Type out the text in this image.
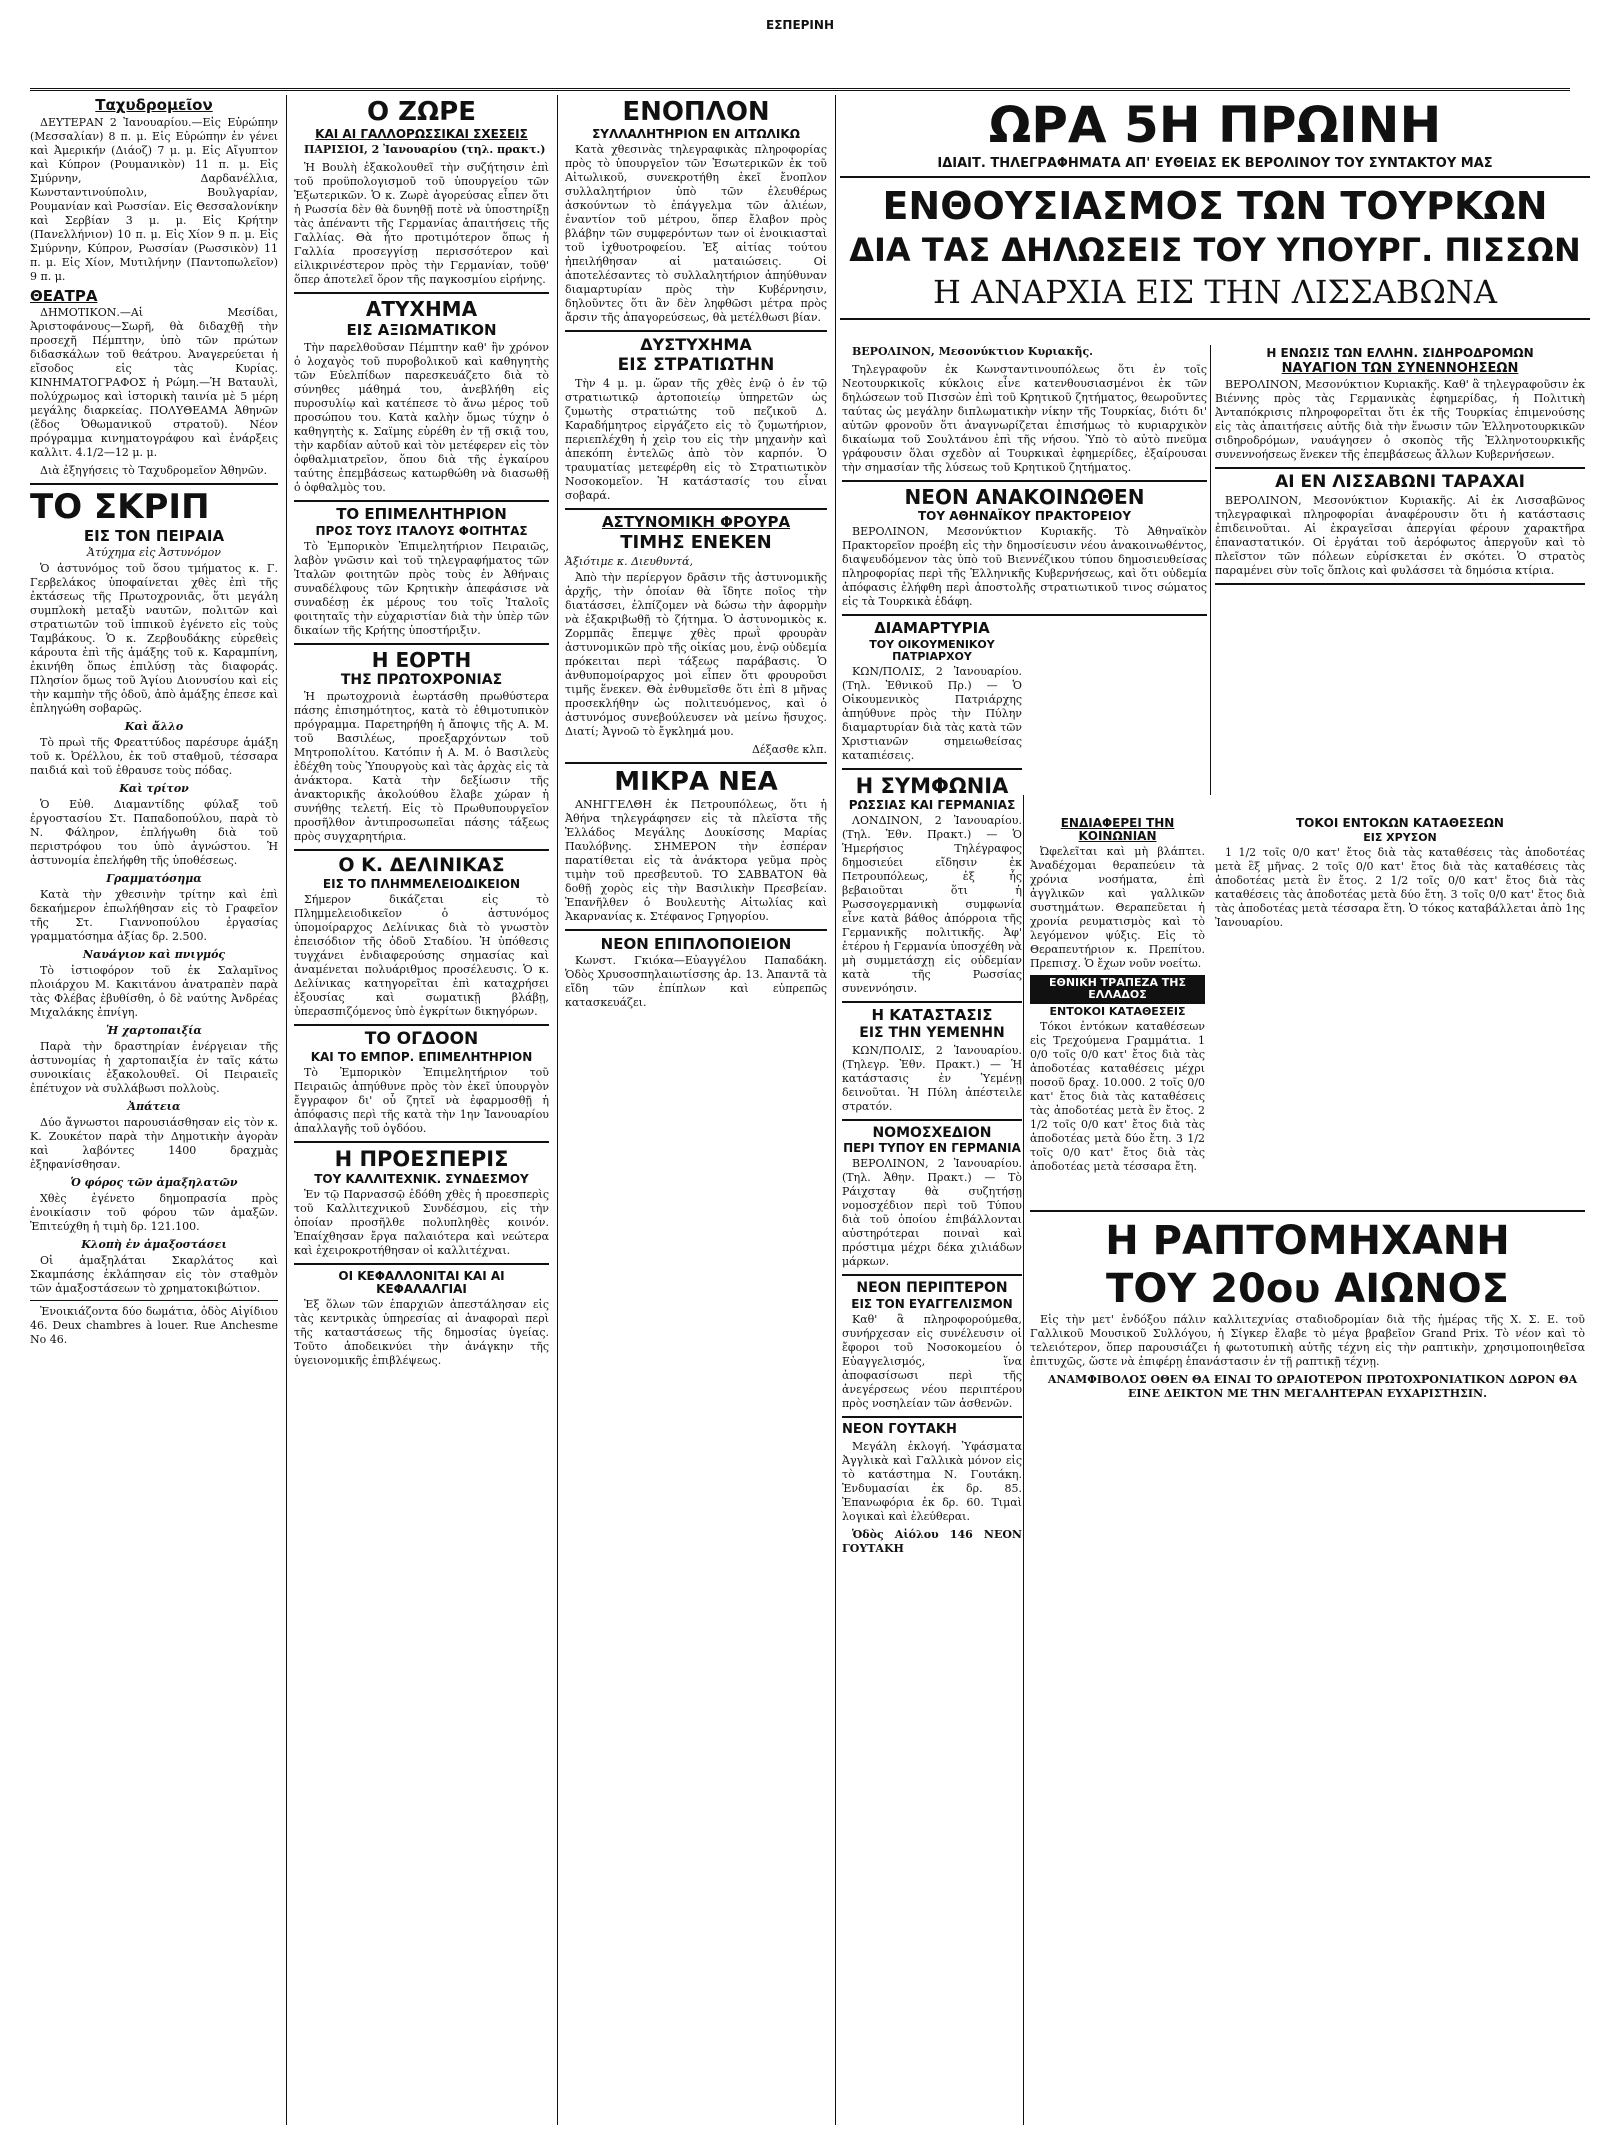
ΕΣΠΕΡΙΝΗ
Ταχυδρομεῖον

ΔΕΥΤΕΡΑΝ 2 Ἰανουαρίου.—Εἰς Εὐρώπην (Μεσσαλίαν) 8 π. μ. Εἰς Εὐρώπην ἐν γένει καὶ Ἀμερικήν (Διάοζ) 7 μ. μ. Εἰς Αἴγυπτον καὶ Κύπρον (Ρουμανικὸν) 11 π. μ. Εἰς Σμύρνην, Δαρδανέλλια, Κωνσταντινούπολιν, Βουλγαρίαν, Ρουμανίαν καὶ Ρωσσίαν. Εἰς Θεσσαλονίκην καὶ Σερβίαν 3 μ. μ. Εἰς Κρήτην (Πανελλήνιον) 10 π. μ. Εἰς Χίον 9 π. μ. Εἰς Σμύρνην, Κύπρον, Ρωσσίαν (Ρωσσικὸν) 11 π. μ. Εἰς Χίον, Μυτιλήνην (Παντοπωλεῖον) 9 π. μ.

ΘΕΑΤΡΑ

ΔΗΜΟΤΙΚΟΝ.—Αἱ Μεσίδαι, Ἀριστοφάνους—Σωρῆ, θὰ διδαχθῇ τὴν προσεχῆ Πέμπτην, ὑπὸ τῶν πρώτων διδασκάλων τοῦ θεάτρου. Ἀναγερεύεται ἡ εἴσοδος εἰς τὰς Κυρίας. ΚΙΝΗΜΑΤΟΓΡΑΦΟΣ ἡ Ρώμη.—Ἡ Βαταυλὶ, πολύχρωμος καὶ ἱστορικὴ ταινία μὲ 5 μέρη μεγάλης διαρκείας. ΠΟΛΥΘΕΑΜΑ Ἀθηνῶν (ἔδος Ὀθωμανικοῦ στρατοῦ). Νέον πρόγραμμα κινηματογράφου καὶ ἐνάρξεις καλλιτ. 4.1/2—12 μ. μ.

Διὰ ἐξηγήσεις τὸ Ταχυδρομεῖον Ἀθηνῶν.

ΤΟ ΣΚΡΙΠ
ΕΙΣ ΤΟΝ ΠΕΙΡΑΙΑ
Ἀτύχημα εἰς Ἀστυνόμον

Ὁ ἀστυνόμος τοῦ ὅσου τμήματος κ. Γ. Γερβελάκος ὑποφαίνεται χθὲς ἐπὶ τῆς ἐκτάσεως τῆς Πρωτοχρονιᾶς, ὅτι μεγάλη συμπλοκὴ μεταξὺ ναυτῶν, πολιτῶν καὶ στρατιωτῶν τοῦ ἱππικοῦ ἐγένετο εἰς τοὺς Ταμβάκους. Ὁ κ. Ζερβουδάκης εὑρεθεὶς κάρουτα ἐπὶ τῆς ἀμάξης τοῦ κ. Καραμπίνη, ἐκινήθη ὅπως ἐπιλύσῃ τὰς διαφοράς. Πλησίον ὅμως τοῦ Ἁγίου Διονυσίου καὶ εἰς τὴν καμπὴν τῆς ὁδοῦ, ἀπὸ ἀμάξης ἐπεσε καὶ ἐπληγώθη σοβαρῶς.

Καὶ ἄλλο

Τὸ πρωὶ τῆς Φρεαττύδος παρέσυρε ἁμάξη τοῦ κ. Ὀρέλλου, ἐκ τοῦ σταθμοῦ, τέσσαρα παιδιά καὶ τοῦ ἐθραυσε τοὺς πόδας.

Καὶ τρίτον

Ὁ Εὐθ. Διαμαντίδης φύλαξ τοῦ ἐργοστασίου Στ. Παπαδοπούλου, παρὰ τὸ Ν. Φάληρον, ἐπλήγωθη διὰ τοῦ περιστρόφου του ὑπὸ ἀγνώστου. Ἡ ἀστυνομία ἐπελήφθη τῆς ὑποθέσεως.

Γραμματόσημα

Κατὰ τὴν χθεσινὴν τρίτην καὶ ἐπὶ δεκαήμερον ἐπωλήθησαν εἰς τὸ Γραφεῖον τῆς Στ. Γιαννοπούλου ἐργασίας γραμματόσημα ἀξίας δρ. 2.500.

Ναυάγιον καὶ πνιγμός

Τὸ ἱστιοφόρον τοῦ ἐκ Σαλαμῖνος πλοιάρχου Μ. Κακιτάνου ἀνατραπὲν παρὰ τὰς Φλέβας ἐβυθίσθη, ὁ δὲ ναύτης Ἀνδρέας Μιχαλάκης ἐπνίγη.

Ἡ χαρτοπαιξία

Παρὰ τὴν δραστηρίαν ἐνέργειαν τῆς ἀστυνομίας ἡ χαρτοπαιξία ἐν ταῖς κάτω συνοικίαις ἐξακολουθεῖ. Οἱ Πειραιεῖς ἐπέτυχον νὰ συλλάβωσι πολλοὺς.

Ἀπάτεια

Δύο ἄγνωστοι παρουσιάσθησαν εἰς τὸν κ. Κ. Ζουκέτον παρὰ τὴν Δημοτικὴν ἀγορὰν καὶ λαβόντες 1400 δραχμὰς ἐξηφανίσθησαν.

Ὁ φόρος τῶν ἀμαξηλατῶν

Χθὲς ἐγένετο δημοπρασία πρὸς ἐνοικίασιν τοῦ φόρου τῶν ἀμαξῶν. Ἐπιτεύχθη ἡ τιμὴ δρ. 121.100.

Κλοπὴ ἐν ἀμαξοστάσει

Οἱ ἀμαξηλάται Σκαρλάτος καὶ Σκαμπάσης ἐκλάπησαν εἰς τὸν σταθμὸν τῶν ἀμαξοστάσεων τὸ χρηματοκιβώτιον.

Ἐνοικιάζοντα δύο δωμάτια, ὁδὸς Αἰγίδιου 46. Deux chambres à louer. Rue Anchesme No 46.

Ο ΖΩΡΕ
ΚΑΙ ΑΙ ΓΑΛΛΟΡΩΣΣΙΚΑΙ ΣΧΕΣΕΙΣ

ΠΑΡΙΣΙΟΙ, 2 Ἰανουαρίου (τηλ. πρακτ.)

Ἡ Βουλὴ ἐξακολουθεῖ τὴν συζήτησιν ἐπὶ τοῦ προϋπολογισμοῦ τοῦ ὑπουργείου τῶν Ἐξωτερικῶν. Ὁ κ. Ζωρὲ ἀγορεύσας εἶπεν ὅτι ἡ Ρωσσία δὲν θὰ δυνηθῇ ποτὲ νὰ ὑποστηρίξῃ τὰς ἀπέναντι τῆς Γερμανίας ἀπαιτήσεις τῆς Γαλλίας. Θὰ ἦτο προτιμότερον ὅπως ἡ Γαλλία προσεγγίσῃ περισσότερον καὶ εἰλικρινέστερον πρὸς τὴν Γερμανίαν, τοῦθ' ὅπερ ἀποτελεῖ ὅρον τῆς παγκοσμίου εἰρήνης.

ΑΤΥΧΗΜΑ
ΕΙΣ ΑΞΙΩΜΑΤΙΚΟΝ

Τὴν παρελθοῦσαν Πέμπτην καθ' ἣν χρόνον ὁ λοχαγὸς τοῦ πυροβολικοῦ καὶ καθηγητὴς τῶν Εὐελπίδων παρεσκευάζετο διὰ τὸ σύνηθες μάθημά του, ἀνεβλήθη εἰς πυροσυλίῳ καὶ κατέπεσε τὸ ἄνω μέρος τοῦ προσώπου του. Κατὰ καλὴν ὅμως τύχην ὁ καθηγητὴς κ. Σαϊμης εὑρέθη ἐν τῇ σκιᾷ του, τὴν καρδίαν αὐτοῦ καὶ τὸν μετέφερεν εἰς τὸν ὀφθαλμιατρεῖον, ὅπου διὰ τῆς ἐγκαίρου ταύτης ἐπεμβάσεως κατωρθώθη νὰ διασωθῇ ὁ ὀφθαλμὸς του.

ΤΟ ΕΠΙΜΕΛΗΤΗΡΙΟΝ
ΠΡΟΣ ΤΟΥΣ ΙΤΑΛΟΥΣ ΦΟΙΤΗΤΑΣ

Τὸ Ἐμπορικὸν Ἐπιμελητήριον Πειραιῶς, λαβὸν γνῶσιν καὶ τοῦ τηλεγραφήματος τῶν Ἰταλῶν φοιτητῶν πρὸς τοὺς ἐν Ἀθήναις συναδέλφους τῶν Κρητικὴν ἀπεφάσισε νὰ συναδέσῃ ἐκ μέρους του τοῖς Ἰταλοῖς φοιτηταῖς τὴν εὐχαριστίαν διὰ τὴν ὑπὲρ τῶν δικαίων τῆς Κρήτης ὑποστήριξιν.

Η ΕΟΡΤΗ
ΤΗΣ ΠΡΩΤΟΧΡΟΝΙΑΣ

Ἡ πρωτοχρονιὰ ἑωρτάσθη πρωθύστερα πάσης ἐπισημότητος, κατὰ τὸ ἐθιμοτυπικὸν πρόγραμμα. Παρετηρήθη ἡ ἄποψις τῆς Α. Μ. τοῦ Βασιλέως, προεξαρχόντων τοῦ Μητροπολίτου. Κατόπιν ἡ Α. Μ. ὁ Βασιλεὺς ἐδέχθη τοὺς Ὑπουργοὺς καὶ τὰς ἀρχὰς εἰς τὰ ἀνάκτορα. Κατὰ τὴν δεξίωσιν τῆς ἀνακτορικῆς ἀκολούθου ἔλαβε χώραν ἡ συνήθης τελετή. Εἰς τὸ Πρωθυπουργεῖον προσῆλθον ἀντιπροσωπεῖαι πάσης τάξεως πρὸς συγχαρητήρια.

Ο Κ. ΔΕΛΙΝΙΚΑΣ
ΕΙΣ ΤΟ ΠΛΗΜΜΕΛΕΙΟΔΙΚΕΙΟΝ

Σήμερον δικάζεται εἰς τὸ Πλημμελειοδικεῖον ὁ ἀστυνόμος ὑπομοίραρχος Δελίνικας διὰ τὸ γνωστὸν ἐπεισόδιον τῆς ὁδοῦ Σταδίου. Ἡ ὑπόθεσις τυγχάνει ἐνδιαφερούσης σημασίας καὶ ἀναμένεται πολυάριθμος προσέλευσις. Ὁ κ. Δελίνικας κατηγορεῖται ἐπὶ καταχρήσει ἐξουσίας καὶ σωματικῇ βλάβῃ, ὑπερασπιζόμενος ὑπὸ ἐγκρίτων δικηγόρων.

ΤΟ ΟΓΔΟΟΝ
ΚΑΙ ΤΟ ΕΜΠΟΡ. ΕΠΙΜΕΛΗΤΗΡΙΟΝ

Τὸ Ἐμπορικὸν Ἐπιμελητήριον τοῦ Πειραιῶς ἀπηύθυνε πρὸς τὸν ἐκεῖ ὑπουργὸν ἔγγραφον δι' οὗ ζητεῖ νὰ ἐφαρμοσθῇ ἡ ἀπόφασις περὶ τῆς κατὰ τὴν 1ην Ἰανουαρίου ἀπαλλαγῆς τοῦ ὀγδόου.

Η ΠΡΟΕΣΠΕΡΙΣ
ΤΟΥ ΚΑΛΛΙΤΕΧΝΙΚ. ΣΥΝΔΕΣΜΟΥ

Ἐν τῷ Παρνασσῷ ἐδόθη χθὲς ἡ προεσπερὶς τοῦ Καλλιτεχνικοῦ Συνδέσμου, εἰς τὴν ὁποίαν προσῆλθε πολυπληθὲς κοινόν. Ἐπαίχθησαν ἔργα παλαιότερα καὶ νεώτερα καὶ ἐχειροκροτήθησαν οἱ καλλιτέχναι.

ΟΙ ΚΕΦΑΛΛΟΝΙΤΑΙ ΚΑΙ ΑΙ ΚΕΦΑΛΑΛΓΙΑΙ

Ἐξ ὅλων τῶν ἐπαρχιῶν ἀπεστάλησαν εἰς τὰς κεντρικὰς ὑπηρεσίας αἱ ἀναφοραὶ περὶ τῆς καταστάσεως τῆς δημοσίας ὑγείας. Τοῦτο ἀποδεικνύει τὴν ἀνάγκην τῆς ὑγειονομικῆς ἐπιβλέψεως.

ΕΝΟΠΛΟΝ
ΣΥΛΛΑΛΗΤΗΡΙΟΝ ΕΝ ΑΙΤΩΛΙΚΩ

Κατὰ χθεσινὰς τηλεγραφικὰς πληροφορίας πρὸς τὸ ὑπουργεῖον τῶν Ἐσωτερικῶν ἐκ τοῦ Αἰτωλικοῦ, συνεκροτήθη ἐκεῖ ἔνοπλον συλλαλητήριον ὑπὸ τῶν ἐλευθέρως ἀσκούντων τὸ ἐπάγγελμα τῶν ἁλιέων, ἐναντίον τοῦ μέτρου, ὅπερ ἔλαβον πρὸς βλάβην τῶν συμφερόντων των οἱ ἐνοικιασταὶ τοῦ ἰχθυοτροφείου. Ἐξ αἰτίας τούτου ἠπειλήθησαν αἱ ματαιώσεις. Οἱ ἀποτελέσαντες τὸ συλλαλητήριον ἀπηύθυναν διαμαρτυρίαν πρὸς τὴν Κυβέρνησιν, δηλοῦντες ὅτι ἂν δὲν ληφθῶσι μέτρα πρὸς ἄρσιν τῆς ἀπαγορεύσεως, θὰ μετέλθωσι βίαν.

ΔΥΣΤΥΧΗΜΑ
ΕΙΣ ΣΤΡΑΤΙΩΤΗΝ

Τὴν 4 μ. μ. ὥραν τῆς χθὲς ἐνῷ ὁ ἐν τῷ στρατιωτικῷ ἀρτοποιείῳ ὑπηρετῶν ὡς ζυμωτὴς στρατιώτης τοῦ πεζικοῦ Δ. Καραδήμητρος εἰργάζετο εἰς τὸ ζυμωτήριον, περιεπλέχθη ἡ χεὶρ του εἰς τὴν μηχανὴν καὶ ἀπεκόπη ἐντελῶς ἀπὸ τὸν καρπόν. Ὁ τραυματίας μετεφέρθη εἰς τὸ Στρατιωτικὸν Νοσοκομεῖον. Ἡ κατάστασίς του εἶναι σοβαρά.

ΑΣΤΥΝΟΜΙΚΗ ΦΡΟΥΡΑ
ΤΙΜΗΣ ΕΝΕΚΕΝ
Ἀξιότιμε κ. Διευθυντά,

Ἀπὸ τὴν περίεργον δρᾶσιν τῆς ἀστυνομικῆς ἀρχῆς, τὴν ὁποίαν θὰ ἴδητε ποῖος τὴν διατάσσει, ἐλπίζομεν νὰ δώσω τὴν ἀφορμὴν νὰ ἐξακριβωθῇ τὸ ζήτημα. Ὁ ἀστυνομικὸς κ. Ζορμπᾶς ἔπεμψε χθὲς πρωῒ φρουρὰν ἀστυνομικῶν πρὸ τῆς οἰκίας μου, ἐνῷ οὐδεμία πρόκειται περὶ τάξεως παράβασις. Ὁ ἀνθυπομοίραρχος μοὶ εἶπεν ὅτι φρουροῦσι τιμῆς ἕνεκεν. Θὰ ἐνθυμεῖσθε ὅτι ἐπὶ 8 μῆνας προσεκλήθην ὡς πολιτευόμενος, καὶ ὁ ἀστυνόμος συνεβούλευσεν νὰ μείνω ἥσυχος. Διατί; Ἀγνοῶ τὸ ἔγκλημά μου.

Δέξασθε κλπ.

ΜΙΚΡΑ ΝΕΑ

ΑΝΗΓΓΕΛΘΗ ἐκ Πετρουπόλεως, ὅτι ἡ Ἀθήνα τηλεγράφησεν εἰς τὰ πλεῖστα τῆς Ἑλλάδος Μεγάλης Δουκίσσης Μαρίας Παυλόβνης. ΣΗΜΕΡΟΝ τὴν ἐσπέραν παρατίθεται εἰς τὰ ἀνάκτορα γεῦμα πρὸς τιμὴν τοῦ πρεσβευτοῦ. ΤΟ ΣΑΒΒΑΤΟΝ θὰ δοθῇ χορὸς εἰς τὴν Βασιλικὴν Πρεσβείαν. Ἐπανῆλθεν ὁ Βουλευτὴς Αἰτωλίας καὶ Ἀκαρνανίας κ. Στέφανος Γρηγορίου.

ΝΕΟΝ ΕΠΙΠΛΟΠΟΙΕΙΟΝ

Κωνστ. Γκιόκα—Εὐαγγέλου Παπαδάκη. Ὁδὸς Χρυσοσπηλαιωτίσσης ἀρ. 13. Ἀπαντᾶ τὰ εἴδη τῶν ἐπίπλων καὶ εὐπρεπῶς κατασκευάζει.

ΩΡΑ 5Η ΠΡΩΙΝΗ
ΙΔΙΑΙΤ. ΤΗΛΕΓΡΑΦΗΜΑΤΑ ΑΠ' ΕΥΘΕΙΑΣ ΕΚ ΒΕΡΟΛΙΝΟΥ ΤΟΥ ΣΥΝΤΑΚΤΟΥ ΜΑΣ
ΕΝΘΟΥΣΙΑΣΜΟΣ ΤΩΝ ΤΟΥΡΚΩΝ
ΔΙΑ ΤΑΣ ΔΗΛΩΣΕΙΣ ΤΟΥ ΥΠΟΥΡΓ. ΠΙΣΣΩΝ
Η ΑΝΑΡΧΙΑ ΕΙΣ ΤΗΝ ΛΙΣΣΑΒΩΝΑ

ΒΕΡΟΛΙΝΟΝ, Μεσονύκτιον Κυριακῆς.

Τηλεγραφοῦν ἐκ Κωνσταντινουπόλεως ὅτι ἐν τοῖς Νεοτουρκικοῖς κύκλοις εἶνε κατενθουσιασμένοι ἐκ τῶν δηλώσεων τοῦ Πισσὼν ἐπὶ τοῦ Κρητικοῦ ζητήματος, θεωροῦντες ταύτας ὡς μεγάλην διπλωματικὴν νίκην τῆς Τουρκίας, διότι δι' αὐτῶν φρονοῦν ὅτι ἀναγνωρίζεται ἐπισήμως τὸ κυριαρχικὸν δικαίωμα τοῦ Σουλτάνου ἐπὶ τῆς νήσου. Ὑπὸ τὸ αὐτὸ πνεῦμα γράφουσιν ὅλαι σχεδὸν αἱ Τουρκικαὶ ἐφημερίδες, ἐξαίρουσαι τὴν σημασίαν τῆς λύσεως τοῦ Κρητικοῦ ζητήματος.

ΝΕΟΝ ΑΝΑΚΟΙΝΩΘΕΝ
ΤΟΥ ΑΘΗΝΑΪΚΟΥ ΠΡΑΚΤΟΡΕΙΟΥ

ΒΕΡΟΛΙΝΟΝ, Μεσονύκτιον Κυριακῆς. Τὸ Ἀθηναϊκὸν Πρακτορεῖον προέβη εἰς τὴν δημοσίευσιν νέου ἀνακοινωθέντος, διαψευδόμενον τὰς ὑπὸ τοῦ Βιεννέζικου τύπου δημοσιευθείσας πληροφορίας περὶ τῆς Ἑλληνικῆς Κυβερνήσεως, καὶ ὅτι οὐδεμία ἀπόφασις ἐλήφθη περὶ ἀποστολῆς στρατιωτικοῦ τινος σώματος εἰς τὰ Τουρκικὰ ἐδάφη.

ΔΙΑΜΑΡΤΥΡΙΑ
ΤΟΥ ΟΙΚΟΥΜΕΝΙΚΟΥ ΠΑΤΡΙΑΡΧΟΥ

ΚΩΝ/ΠΟΛΙΣ, 2 Ἰανουαρίου. (Τηλ. Ἐθνικοῦ Πρ.) — Ὁ Οἰκουμενικὸς Πατριάρχης ἀπηύθυνε πρὸς τὴν Πύλην διαμαρτυρίαν διὰ τὰς κατὰ τῶν Χριστιανῶν σημειωθείσας καταπιέσεις.

Η ΣΥΜΦΩΝΙΑ
ΡΩΣΣΙΑΣ ΚΑΙ ΓΕΡΜΑΝΙΑΣ

ΛΟΝΔΙΝΟΝ, 2 Ἰανουαρίου. (Τηλ. Ἐθν. Πρακτ.) — Ὁ Ἡμερήσιος Τηλέγραφος δημοσιεύει εἴδησιν ἐκ Πετρουπόλεως, ἐξ ἧς βεβαιοῦται ὅτι ἡ Ρωσσογερμανικὴ συμφωνία εἶνε κατὰ βάθος ἀπόρροια τῆς Γερμανικῆς πολιτικῆς. Ἀφ' ἑτέρου ἡ Γερμανία ὑποσχέθη νὰ μὴ συμμετάσχῃ εἰς οὐδεμίαν κατὰ τῆς Ρωσσίας συνεννόησιν.

Η ΚΑΤΑΣΤΑΣΙΣ
ΕΙΣ ΤΗΝ ΥΕΜΕΝΗΝ

ΚΩΝ/ΠΟΛΙΣ, 2 Ἰανουαρίου. (Τηλεγρ. Ἐθν. Πρακτ.) — Ἡ κατάστασις ἐν Ὑεμένῃ δεινοῦται. Ἡ Πύλη ἀπέστειλε στρατόν.

ΝΟΜΟΣΧΕΔΙΟΝ
ΠΕΡΙ ΤΥΠΟΥ ΕΝ ΓΕΡΜΑΝΙΑ

ΒΕΡΟΛΙΝΟΝ, 2 Ἰανουαρίου. (Τηλ. Ἀθην. Πρακτ.) — Τὸ Ράιχσταγ θὰ συζητήσῃ νομοσχέδιον περὶ τοῦ Τύπου διὰ τοῦ ὁποίου ἐπιβάλλονται αὐστηρότεραι ποιναὶ καὶ πρόστιμα μέχρι δέκα χιλιάδων μάρκων.

ΝΕΟΝ ΠΕΡΙΠΤΕΡΟΝ
ΕΙΣ ΤΟΝ ΕΥΑΓΓΕΛΙΣΜΟΝ

Καθ' ἃ πληροφορούμεθα, συνήρχεσαν εἰς συνέλευσιν οἱ ἔφοροι τοῦ Νοσοκομείου ὁ Εὐαγγελισμός, ἵνα ἀποφασίσωσι περὶ τῆς ἀνεγέρσεως νέου περιπτέρου πρὸς νοσηλείαν τῶν ἀσθενῶν.

ΝΕΟΝ ΓΟΥΤΑΚΗ

Μεγάλη ἐκλογή. Ὑφάσματα Ἀγγλικὰ καὶ Γαλλικὰ μόνον εἰς τὸ κατάστημα Ν. Γουτάκη. Ἐνδυμασίαι ἐκ δρ. 85. Ἐπανωφόρια ἐκ δρ. 60. Τιμαὶ λογικαὶ καὶ ἐλεύθεραι.

Ὁδὸς Αἰόλου 146 ΝΕΟΝ ΓΟΥΤΑΚΗ

Η ΕΝΩΣΙΣ ΤΩΝ ΕΛΛΗΝ. ΣΙΔΗΡΟΔΡΟΜΩΝ
ΝΑΥΑΓΙΟΝ ΤΩΝ ΣΥΝΕΝΝΟΗΣΕΩΝ

ΒΕΡΟΛΙΝΟΝ, Μεσονύκτιον Κυριακῆς. Καθ' ἃ τηλεγραφοῦσιν ἐκ Βιέννης πρὸς τὰς Γερμανικὰς ἐφημερίδας, ἡ Πολιτικὴ Ἀνταπόκρισις πληροφορεῖται ὅτι ἐκ τῆς Τουρκίας ἐπιμενούσης εἰς τὰς ἀπαιτήσεις αὐτῆς διὰ τὴν ἕνωσιν τῶν Ἑλληνοτουρκικῶν σιδηροδρόμων, ναυάγησεν ὁ σκοπὸς τῆς Ἑλληνοτουρκικῆς συνεννοήσεως ἕνεκεν τῆς ἐπεμβάσεως ἄλλων Κυβερνήσεων.

ΑΙ ΕΝ ΛΙΣΣΑΒΩΝΙ ΤΑΡΑΧΑΙ

ΒΕΡΟΛΙΝΟΝ, Μεσονύκτιον Κυριακῆς. Αἱ ἐκ Λισσαβῶνος τηλεγραφικαὶ πληροφορίαι ἀναφέρουσιν ὅτι ἡ κατάστασις ἐπιδεινοῦται. Αἱ ἐκραγεῖσαι ἀπεργίαι φέρουν χαρακτῆρα ἐπαναστατικόν. Οἱ ἐργάται τοῦ ἀερόφωτος ἀπεργοῦν καὶ τὸ πλεῖστον τῶν πόλεων εὑρίσκεται ἐν σκότει. Ὁ στρατὸς παραμένει σὺν τοῖς ὅπλοις καὶ φυλάσσει τὰ δημόσια κτίρια.

ΕΝΔΙΑΦΕΡΕΙ ΤΗΝ ΚΟΙΝΩΝΙΑΝ

Ὠφελεῖται καὶ μὴ βλάπτει. Ἀναδέχομαι θεραπεύειν τὰ χρόνια νοσήματα, ἐπὶ ἀγγλικῶν καὶ γαλλικῶν συστημάτων. Θεραπεῦεται ἡ χρονία ρευματισμὸς καὶ τὸ λεγόμενον ψύξις. Εἰς τὸ Θεραπευτήριον κ. Πρεπίτου. Πρεπισχ. Ὁ ἔχων νοῦν νοείτω.

ΕΘΝΙΚΗ ΤΡΑΠΕΖΑ ΤΗΣ ΕΛΛΑΔΟΣ
ΕΝΤΟΚΟΙ ΚΑΤΑΘΕΣΕΙΣ

Τόκοι ἐντόκων καταθέσεων εἰς Τρεχούμενα Γραμμάτια. 1 0/0 τοῖς 0/0 κατ' ἔτος διὰ τὰς ἀποδοτέας καταθέσεις μέχρι ποσοῦ δραχ. 10.000. 2 τοῖς 0/0 κατ' ἔτος διὰ τὰς καταθέσεις τὰς ἀποδοτέας μετὰ ἓν ἔτος. 2 1/2 τοῖς 0/0 κατ' ἔτος διὰ τὰς ἀποδοτέας μετὰ δύο ἔτη. 3 1/2 τοῖς 0/0 κατ' ἔτος διὰ τὰς ἀποδοτέας μετὰ τέσσαρα ἔτη.

ΤΟΚΟΙ ΕΝΤΟΚΩΝ ΚΑΤΑΘΕΣΕΩΝ
ΕΙΣ ΧΡΥΣΟΝ

1 1/2 τοῖς 0/0 κατ' ἔτος διὰ τὰς καταθέσεις τὰς ἀποδοτέας μετὰ ἓξ μῆνας. 2 τοῖς 0/0 κατ' ἔτος διὰ τὰς καταθέσεις τὰς ἀποδοτέας μετὰ ἓν ἔτος. 2 1/2 τοῖς 0/0 κατ' ἔτος διὰ τὰς καταθέσεις τὰς ἀποδοτέας μετὰ δύο ἔτη. 3 τοῖς 0/0 κατ' ἔτος διὰ τὰς ἀποδοτέας μετὰ τέσσαρα ἔτη. Ὁ τόκος καταβάλλεται ἀπὸ 1ης Ἰανουαρίου.

Η ΡΑΠΤΟΜΗΧΑΝΗ
ΤΟΥ 20ου ΑΙΩΝΟΣ

Εἰς τὴν μετ' ἐνδόξου πάλιν καλλιτεχνίας σταδιοδρομίαν διὰ τῆς ἡμέρας τῆς Χ. Σ. Ε. τοῦ Γαλλικοῦ Μουσικοῦ Συλλόγου, ἡ Σίγκερ ἔλαβε τὸ μέγα βραβεῖον Grand Prix. Τὸ νέον καὶ τὸ τελειότερον, ὅπερ παρουσιάζει ἡ φωτοτυπικὴ αὐτῆς τέχνη εἰς τὴν ραπτικὴν, χρησιμοποιηθεῖσα ἐπιτυχῶς, ὥστε νὰ ἐπιφέρῃ ἐπανάστασιν ἐν τῇ ραπτικῇ τέχνῃ.

ΑΝΑΜΦΙΒΟΛΟΣ ΟΘΕΝ ΘΑ ΕΙΝΑΙ ΤΟ ΩΡΑΙΟΤΕΡΟΝ ΠΡΩΤΟΧΡΟΝΙΑΤΙΚΟΝ ΔΩΡΟΝ ΘΑ ΕΙΝΕ ΔΕΙΚΤΟΝ ΜΕ ΤΗΝ ΜΕΓΑΛΗΤΕΡΑΝ ΕΥΧΑΡΙΣΤΗΣΙΝ.
